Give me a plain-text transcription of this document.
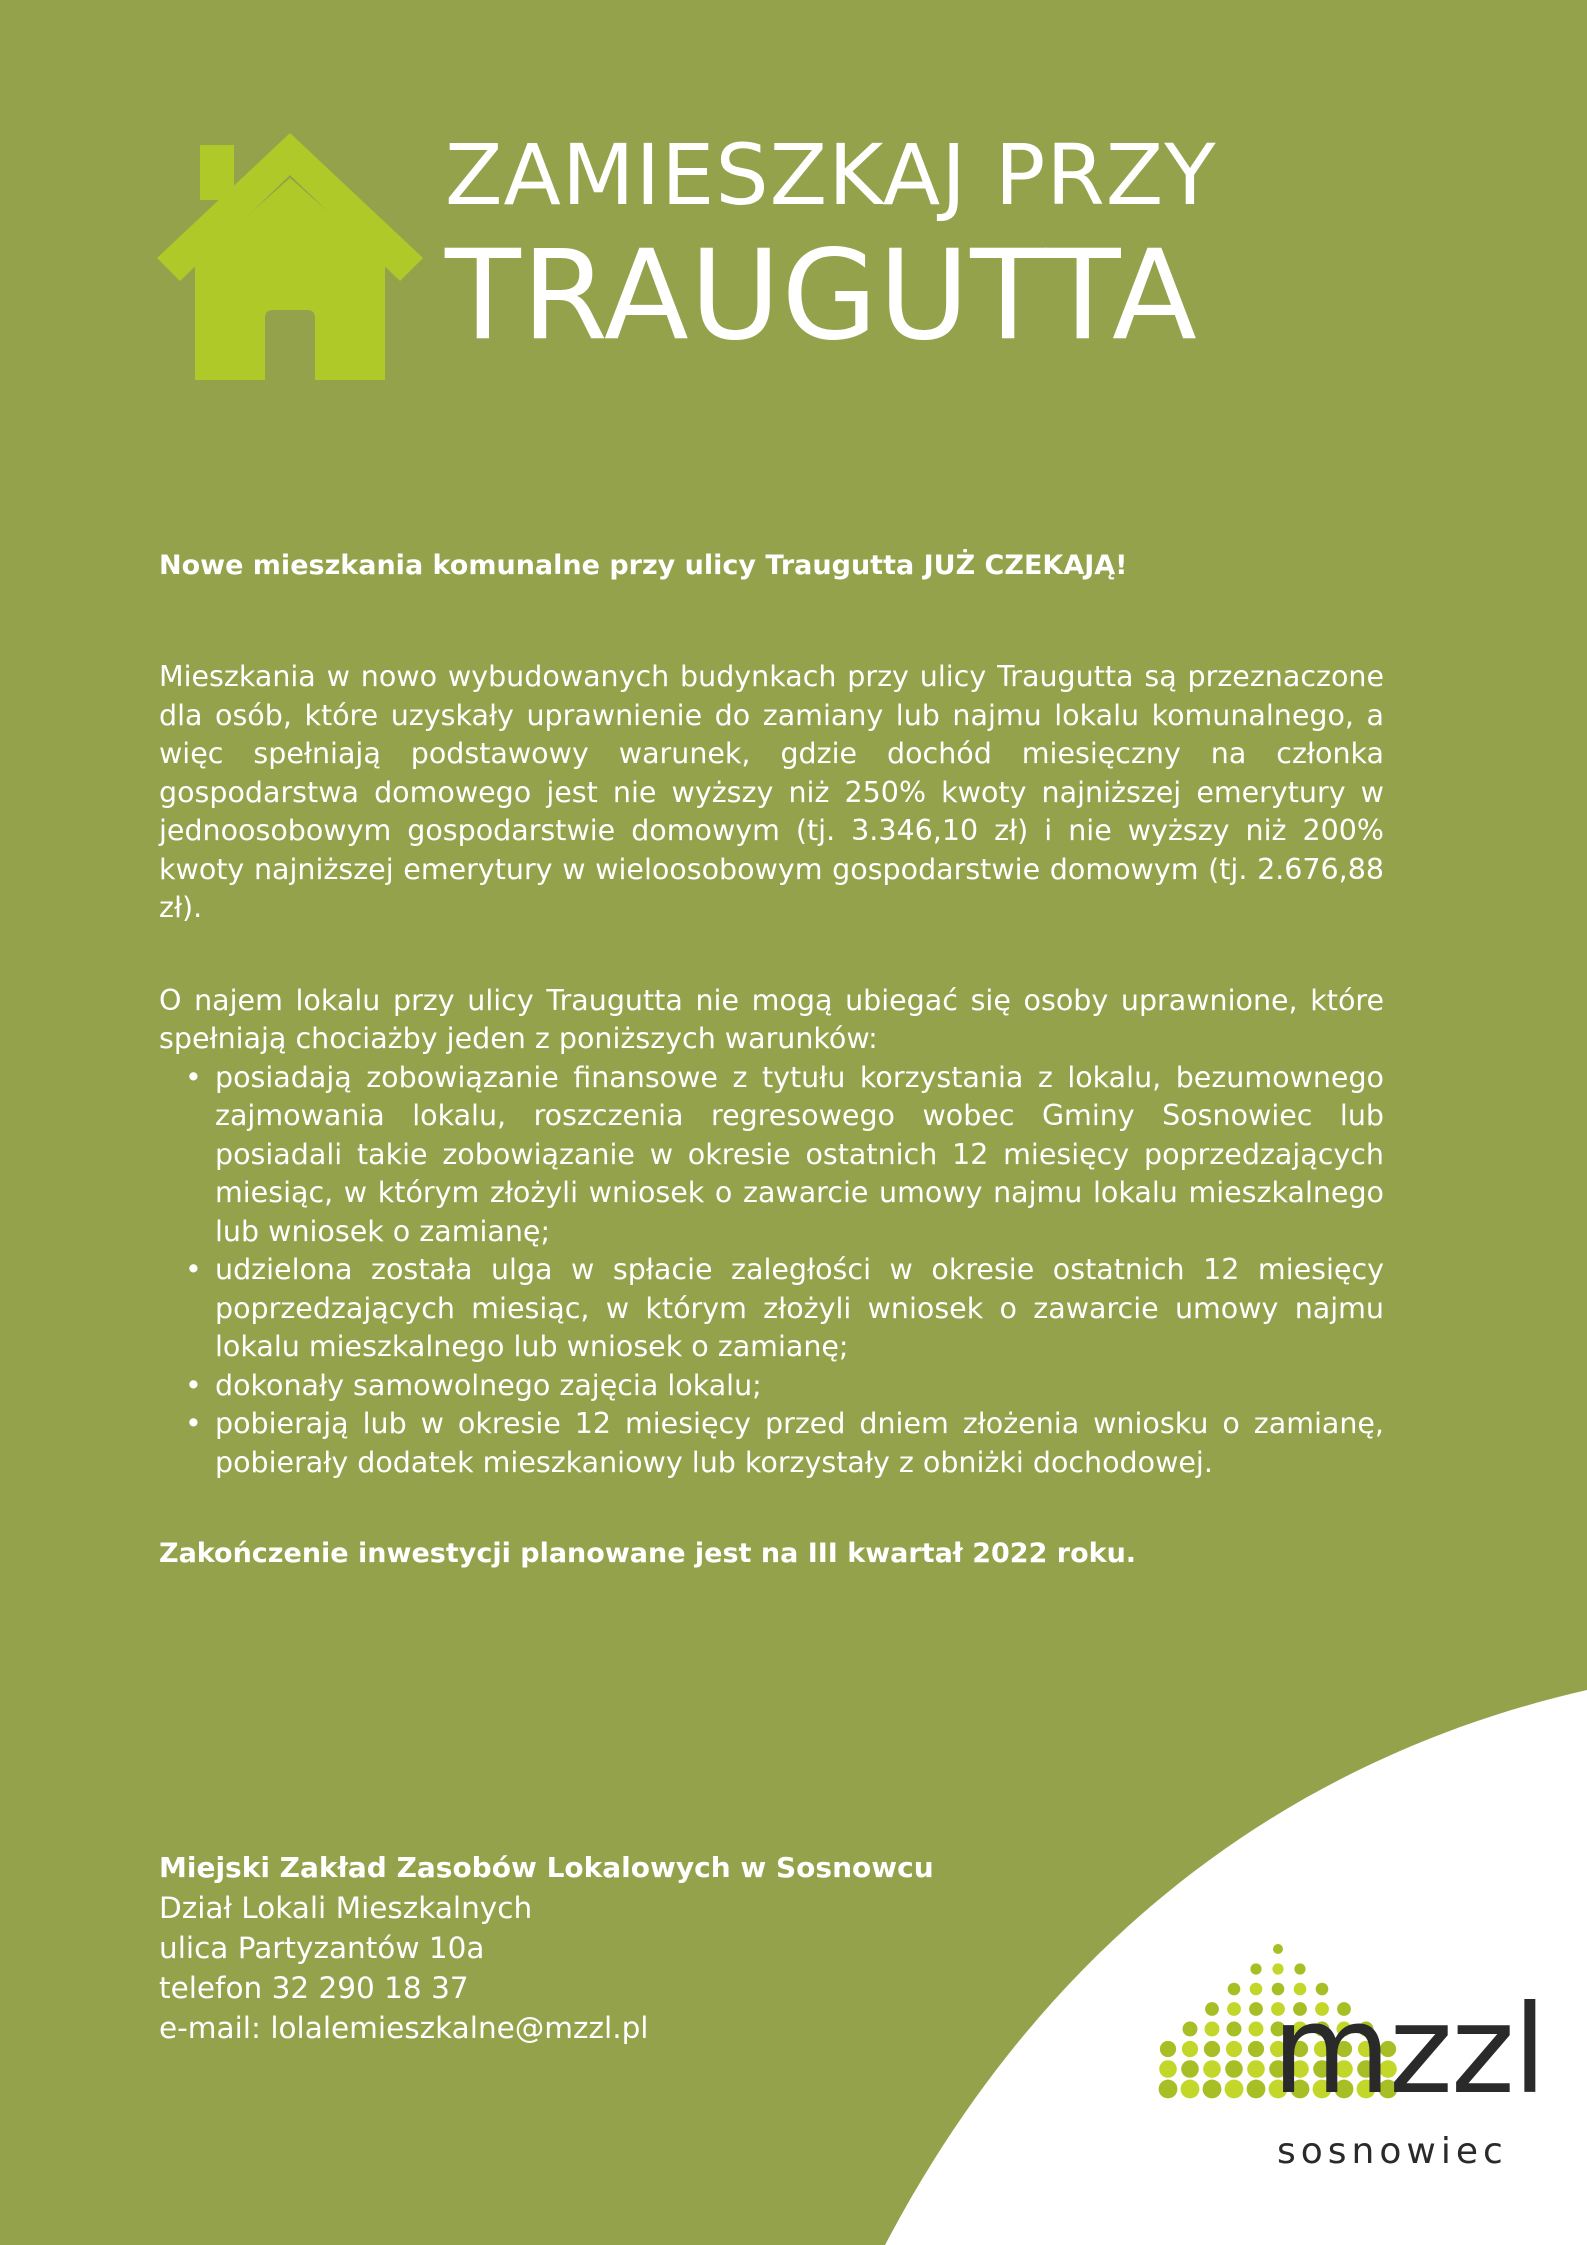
ZAMIESZKAJ PRZY
TRAUGUTTA

Nowe mieszkania komunalne przy ulicy Traugutta JUŻ CZEKAJĄ!

Mieszkania w nowo wybudowanych budynkach przy ulicy Traugutta są przeznaczone dla osób, które uzyskały uprawnienie do zamiany lub najmu lokalu komunalnego, a więc spełniają podstawowy warunek, gdzie dochód miesięczny na członka gospodarstwa domowego jest nie wyższy niż 250% kwoty najniższej emerytury w jednoosobowym gospodarstwie domowym (tj. 3.346,10 zł) i nie wyższy niż 200% kwoty najniższej emerytury w wieloosobowym gospodarstwie domowym (tj. 2.676,88 zł).

O najem lokalu przy ulicy Traugutta nie mogą ubiegać się osoby uprawnione, które spełniają chociażby jeden z poniższych warunków:

• posiadają zobowiązanie finansowe z tytułu korzystania z lokalu, bezumownego zajmowania lokalu, roszczenia regresowego wobec Gminy Sosnowiec lub posiadali takie zobowiązanie w okresie ostatnich 12 miesięcy poprzedzających miesiąc, w którym złożyli wniosek o zawarcie umowy najmu lokalu mieszkalnego lub wniosek o zamianę;
• udzielona została ulga w spłacie zaległości w okresie ostatnich 12 miesięcy poprzedzających miesiąc, w którym złożyli wniosek o zawarcie umowy najmu lokalu mieszkalnego lub wniosek o zamianę;
• dokonały samowolnego zajęcia lokalu;
• pobierają lub w okresie 12 miesięcy przed dniem złożenia wniosku o zamianę, pobierały dodatek mieszkaniowy lub korzystały z obniżki dochodowej.

Zakończenie inwestycji planowane jest na III kwartał 2022 roku.

Miejski Zakład Zasobów Lokalowych w Sosnowcu
Dział Lokali Mieszkalnych
ulica Partyzantów 10a
telefon 32 290 18 37
e-mail: lolalemieszkalne@mzzl.pl	mzzl
sosnowiec
